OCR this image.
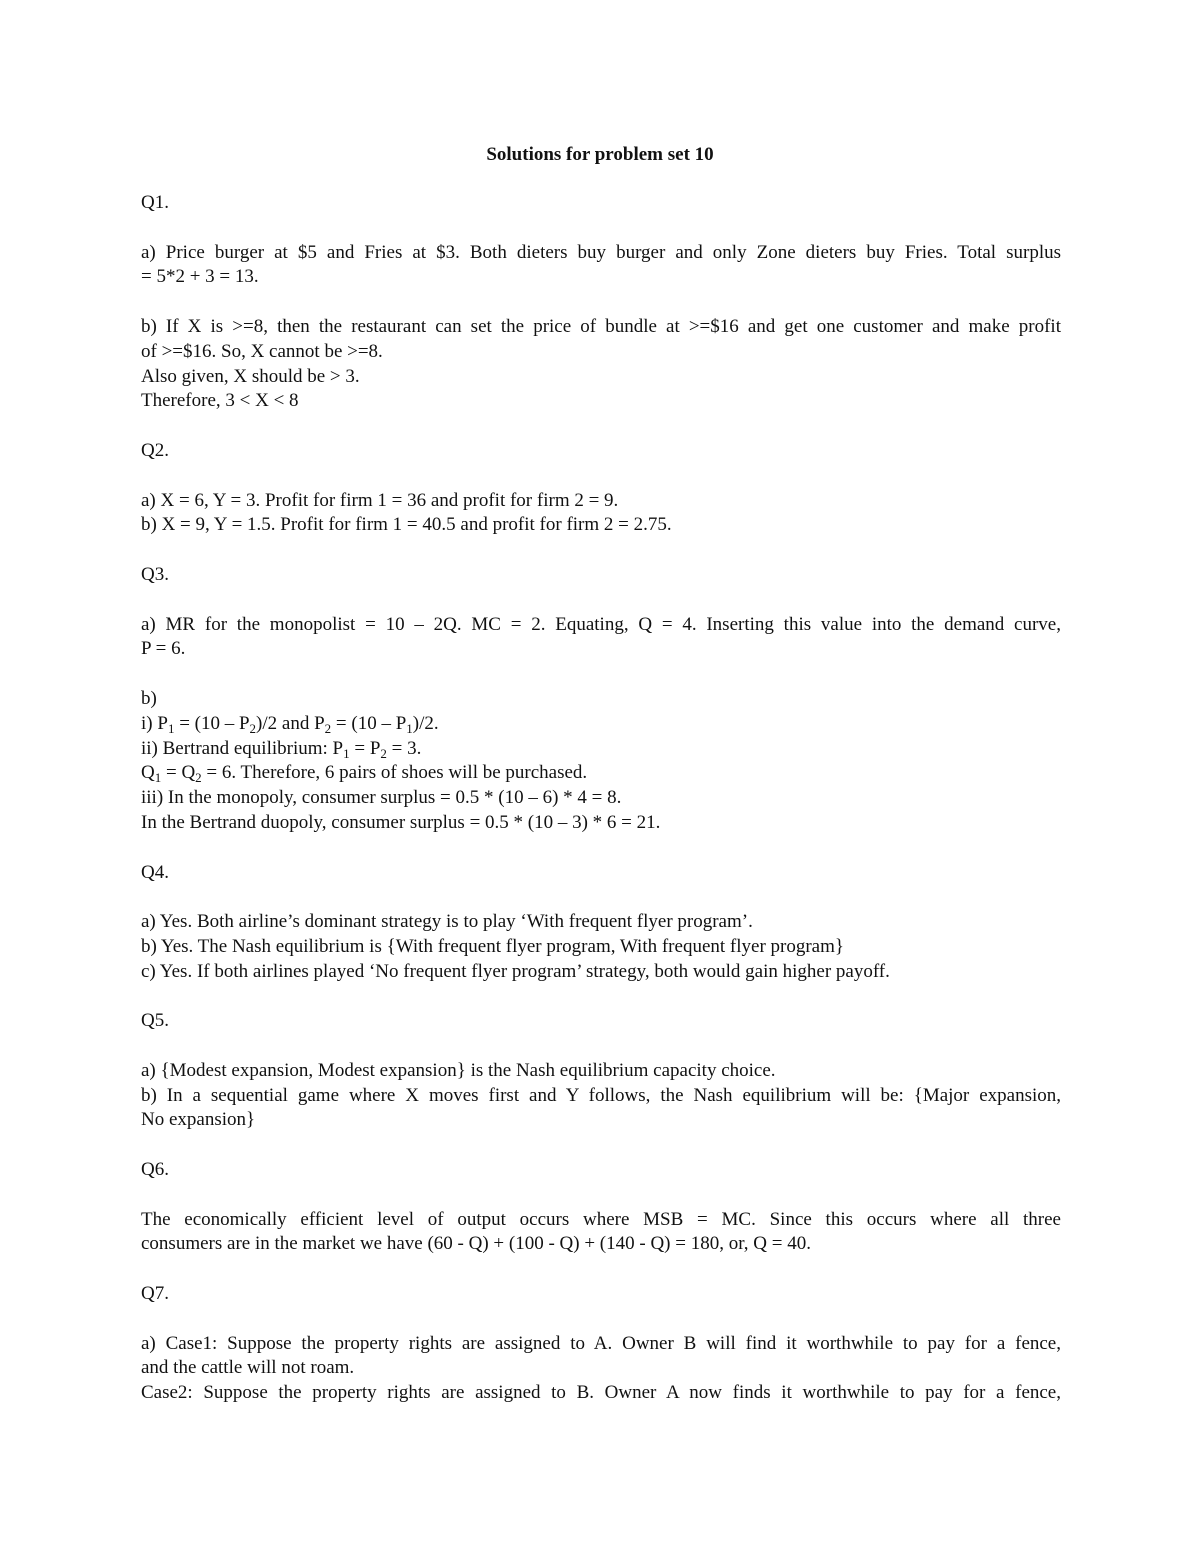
Solutions for problem set 10
Q1.
a) Price burger at $5 and Fries at $3. Both dieters buy burger and only Zone dieters buy Fries. Total surplus
= 5*2 + 3 = 13.
b) If X is >=8, then the restaurant can set the price of bundle at >=$16 and get one customer and make profit
of >=$16. So, X cannot be >=8.
Also given, X should be > 3.
Therefore, 3 < X < 8
Q2.
a) X = 6, Y = 3. Profit for firm 1 = 36 and profit for firm 2 = 9.
b) X = 9, Y = 1.5. Profit for firm 1 = 40.5 and profit for firm 2 = 2.75.
Q3.
a) MR for the monopolist = 10 – 2Q. MC = 2. Equating, Q = 4. Inserting this value into the demand curve,
P = 6.
b)
i) $P_1 = (10 - P_2)/2$ and $P_2 = (10 - P_1)/2$.
ii) Bertrand equilibrium: $P_1 = P_2 = 3$.
$Q_1 = Q_2 = 6$. Therefore, 6 pairs of shoes will be purchased.
iii) In the monopoly, consumer surplus = 0.5 * (10 – 6) * 4 = 8.
In the Bertrand duopoly, consumer surplus = 0.5 * (10 – 3) * 6 = 21.
Q4.
a) Yes. Both airline’s dominant strategy is to play ‘With frequent flyer program’.
b) Yes. The Nash equilibrium is {With frequent flyer program, With frequent flyer program}
c) Yes. If both airlines played ‘No frequent flyer program’ strategy, both would gain higher payoff.
Q5.
a) {Modest expansion, Modest expansion} is the Nash equilibrium capacity choice.
b) In a sequential game where X moves first and Y follows, the Nash equilibrium will be: {Major expansion,
No expansion}
Q6.
The economically efficient level of output occurs where MSB = MC. Since this occurs where all three
consumers are in the market we have (60 - Q) + (100 - Q) + (140 - Q) = 180, or, Q = 40.
Q7.
a) Case1: Suppose the property rights are assigned to A. Owner B will find it worthwhile to pay for a fence,
and the cattle will not roam.
Case2: Suppose the property rights are assigned to B. Owner A now finds it worthwhile to pay for a fence,
